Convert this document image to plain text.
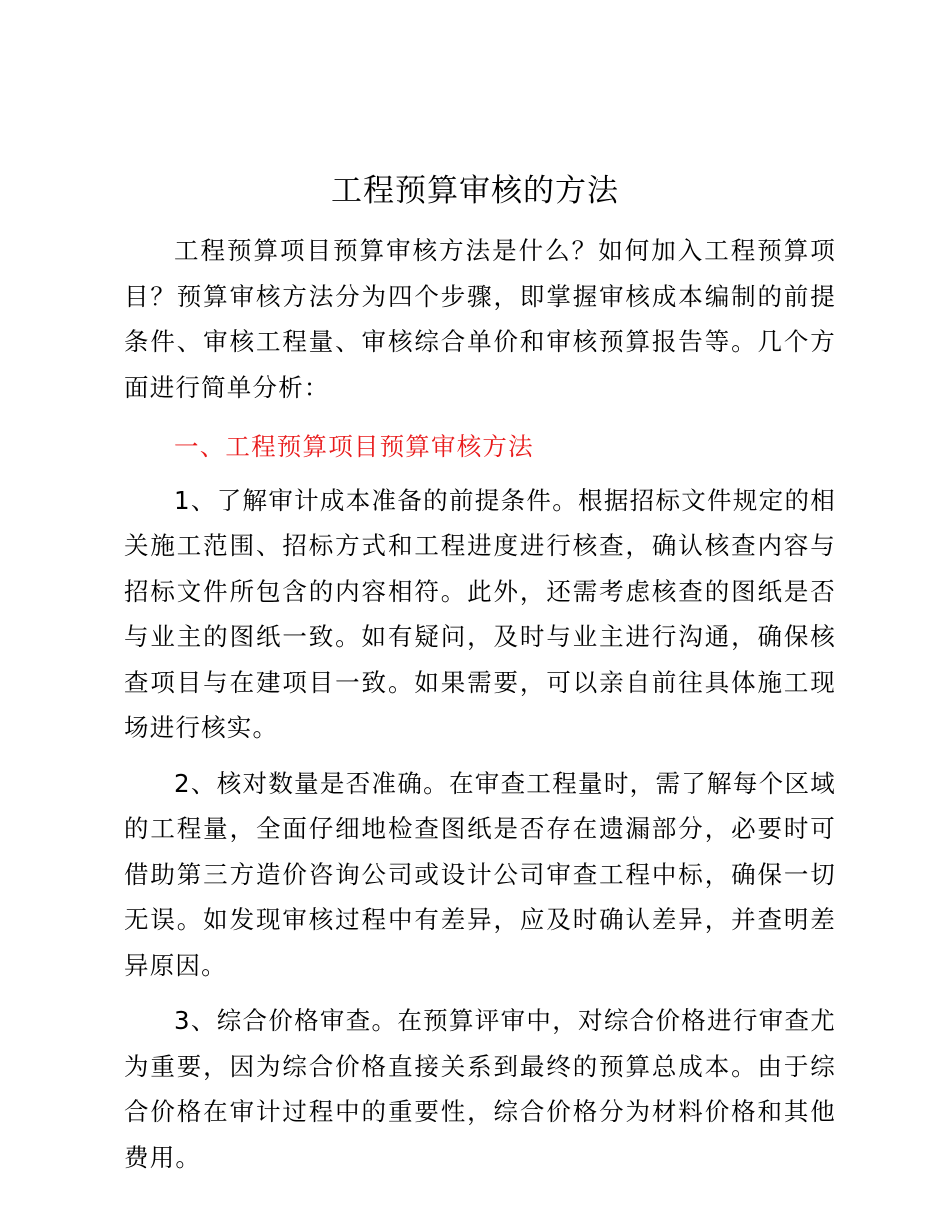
工程预算审核的方法

工程预算项目预算审核方法是什么？如何加入工程预算项目？预算审核方法分为四个步骤，即掌握审核成本编制的前提条件、审核工程量、审核综合单价和审核预算报告等。几个方面进行简单分析：

一、工程预算项目预算审核方法

1、了解审计成本准备的前提条件。根据招标文件规定的相关施工范围、招标方式和工程进度进行核查，确认核查内容与招标文件所包含的内容相符。此外，还需考虑核查的图纸是否与业主的图纸一致。如有疑问，及时与业主进行沟通，确保核查项目与在建项目一致。如果需要，可以亲自前往具体施工现场进行核实。

2、核对数量是否准确。在审查工程量时，需了解每个区域的工程量，全面仔细地检查图纸是否存在遗漏部分，必要时可借助第三方造价咨询公司或设计公司审查工程中标，确保一切无误。如发现审核过程中有差异，应及时确认差异，并查明差异原因。

3、综合价格审查。在预算评审中，对综合价格进行审查尤为重要，因为综合价格直接关系到最终的预算总成本。由于综合价格在审计过程中的重要性，综合价格分为材料价格和其他费用。
